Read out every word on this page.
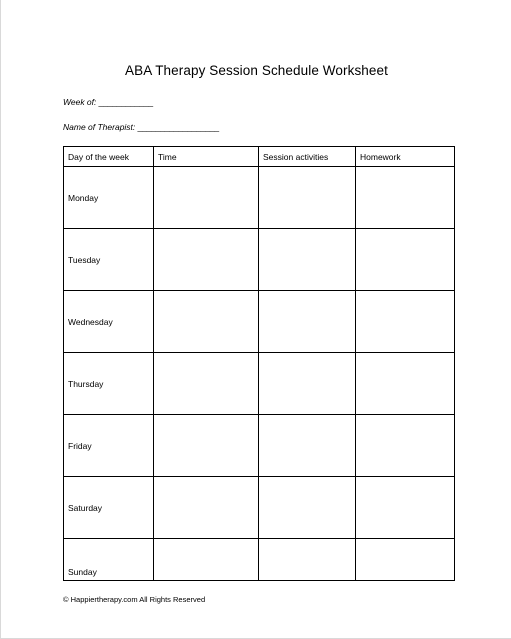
ABA Therapy Session Schedule Worksheet
Week of: ____________
Name of Therapist: __________________
Day of the week	Time	Session activities	Homework
Monday			
Tuesday			
Wednesday			
Thursday			
Friday			
Saturday			
Sunday			
© Happiertherapy.com All Rights Reserved
